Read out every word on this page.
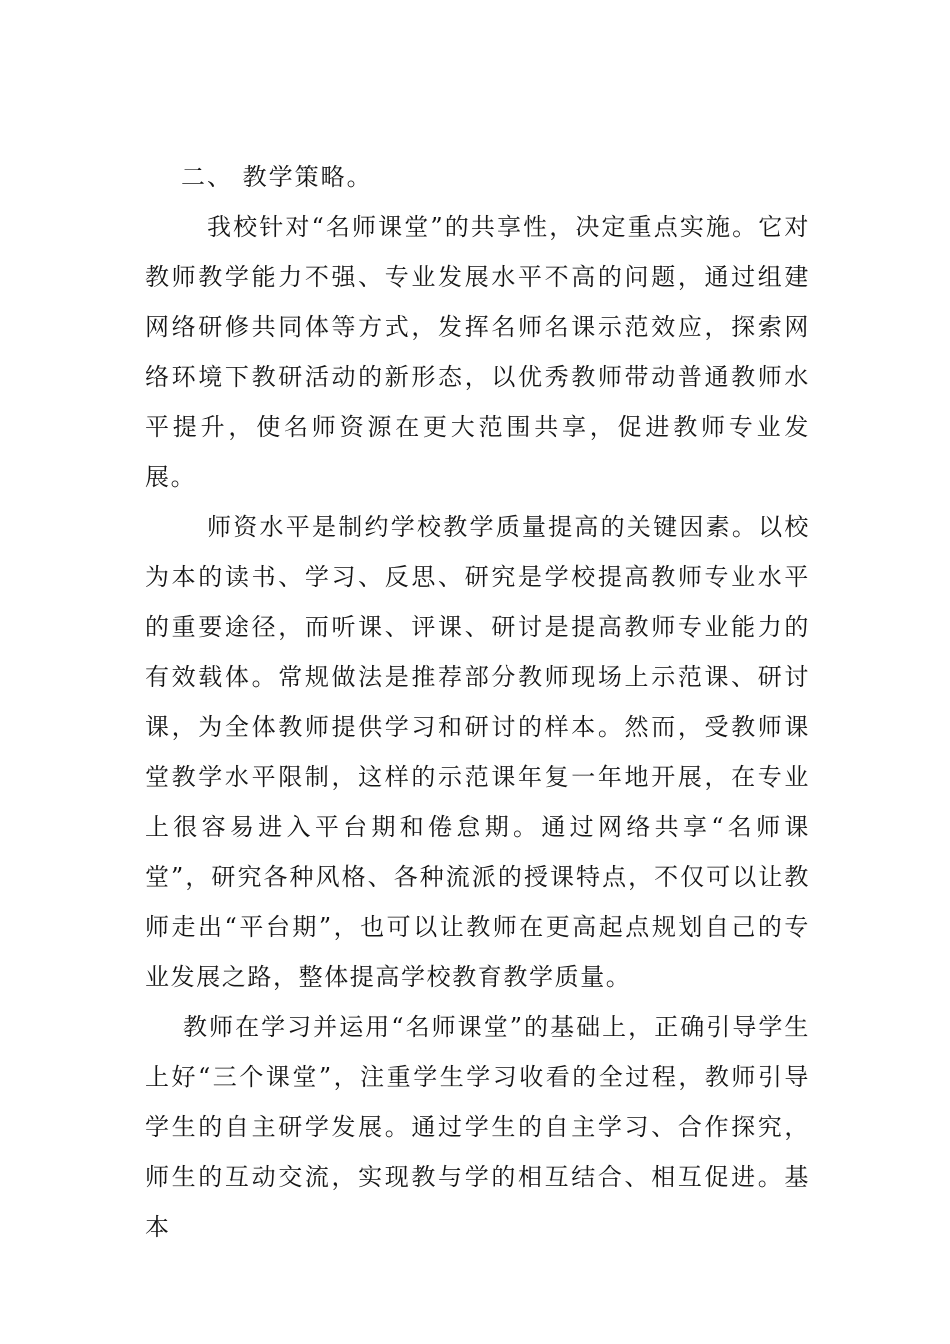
二、 教学策略。

我校针对“名师课堂”的共享性，决定重点实施。它对教师教学能力不强、专业发展水平不高的问题，通过组建网络研修共同体等方式，发挥名师名课示范效应，探索网络环境下教研活动的新形态，以优秀教师带动普通教师水平提升，使名师资源在更大范围共享，促进教师专业发展。

师资水平是制约学校教学质量提高的关键因素。以校为本的读书、学习、反思、研究是学校提高教师专业水平的重要途径，而听课、评课、研讨是提高教师专业能力的有效载体。常规做法是推荐部分教师现场上示范课、研讨课，为全体教师提供学习和研讨的样本。然而，受教师课堂教学水平限制，这样的示范课年复一年地开展，在专业上很容易进入平台期和倦怠期。通过网络共享“名师课堂”，研究各种风格、各种流派的授课特点，不仅可以让教师走出“平台期”，也可以让教师在更高起点规划自己的专业发展之路，整体提高学校教育教学质量。

教师在学习并运用“名师课堂”的基础上，正确引导学生上好“三个课堂”，注重学生学习收看的全过程，教师引导学生的自主研学发展。通过学生的自主学习、合作探究，师生的互动交流，实现教与学的相互结合、相互促进。基本
